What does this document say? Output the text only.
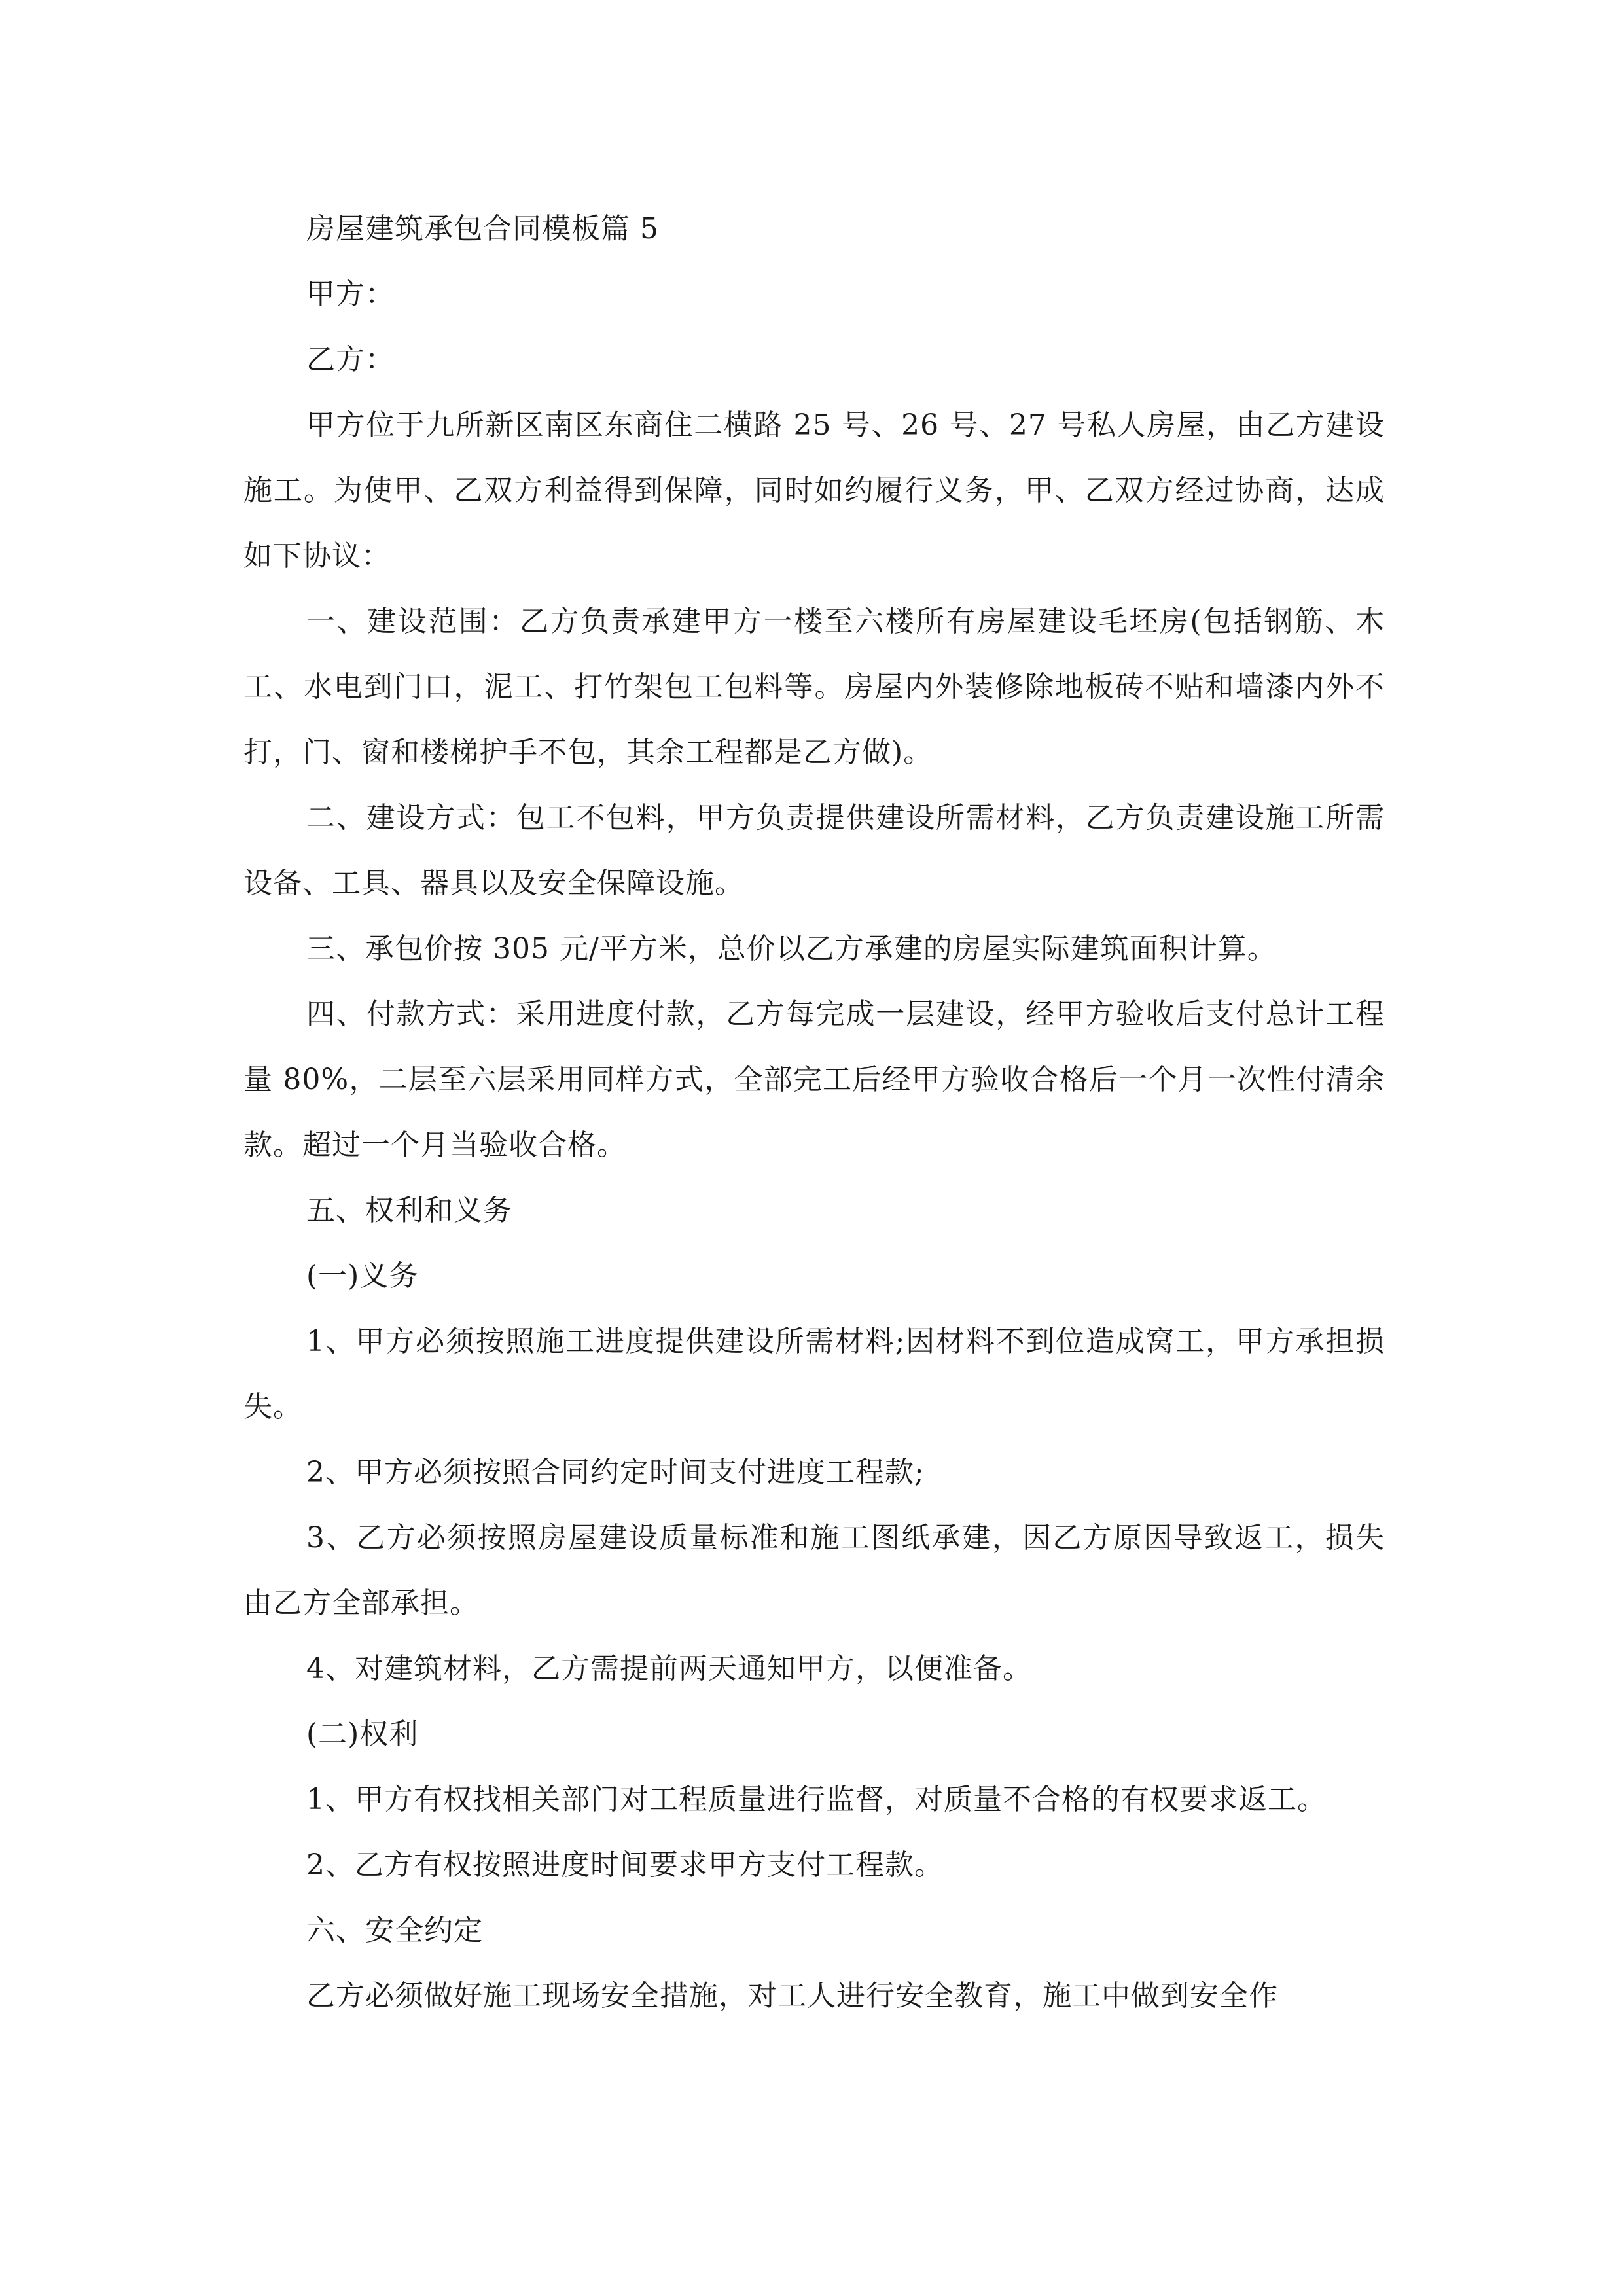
房屋建筑承包合同模板篇 5

甲方：

乙方：

甲方位于九所新区南区东商住二横路 25 号、26 号、27 号私人房屋，由乙方建设施工。为使甲、乙双方利益得到保障，同时如约履行义务，甲、乙双方经过协商，达成如下协议：

一、建设范围：乙方负责承建甲方一楼至六楼所有房屋建设毛坯房(包括钢筋、木工、水电到门口，泥工、打竹架包工包料等。房屋内外装修除地板砖不贴和墙漆内外不打，门、窗和楼梯护手不包，其余工程都是乙方做)。

二、建设方式：包工不包料，甲方负责提供建设所需材料，乙方负责建设施工所需设备、工具、器具以及安全保障设施。

三、承包价按 305 元/平方米，总价以乙方承建的房屋实际建筑面积计算。

四、付款方式：采用进度付款，乙方每完成一层建设，经甲方验收后支付总计工程量 80%，二层至六层采用同样方式，全部完工后经甲方验收合格后一个月一次性付清余款。超过一个月当验收合格。

五、权利和义务

(一)义务

1、甲方必须按照施工进度提供建设所需材料;因材料不到位造成窝工，甲方承担损失。

2、甲方必须按照合同约定时间支付进度工程款;

3、乙方必须按照房屋建设质量标准和施工图纸承建，因乙方原因导致返工，损失由乙方全部承担。

4、对建筑材料，乙方需提前两天通知甲方，以便准备。

(二)权利

1、甲方有权找相关部门对工程质量进行监督，对质量不合格的有权要求返工。

2、乙方有权按照进度时间要求甲方支付工程款。

六、安全约定

乙方必须做好施工现场安全措施，对工人进行安全教育，施工中做到安全作
